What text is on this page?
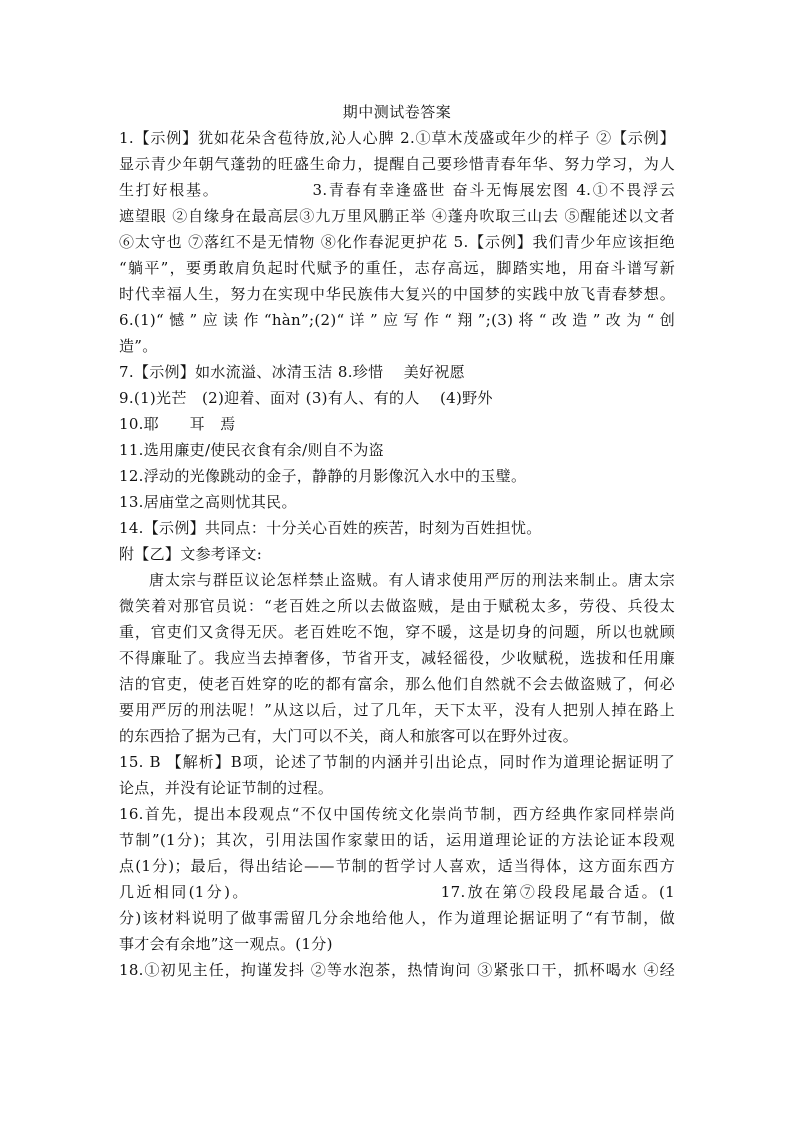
期中测试卷答案
1.【示例】犹如花朵含苞待放,沁人心脾 2.①草木茂盛或年少的样子 ②【示例】
显示青少年朝气蓬勃的旺盛生命力，提醒自己要珍惜青春年华、努力学习，为人
生打好根基。　　　　　　3.青春有幸逢盛世 奋斗无悔展宏图 4.①不畏浮云
遮望眼 ②自缘身在最高层③九万里风鹏正举 ④蓬舟吹取三山去 ⑤醒能述以文者
⑥太守也 ⑦落红不是无情物 ⑧化作春泥更护花 5.【示例】我们青少年应该拒绝
“躺平”，要勇敢肩负起时代赋予的重任，志存高远，脚踏实地，用奋斗谱写新
时代幸福人生，努力在实现中华民族伟大复兴的中国梦的实践中放飞青春梦想。
6.(1)“憾”应读作“hàn”;(2)“详”应写作“翔”;(3)将“改造”改为“创
造”。
7.【示例】如水流溢、冰清玉洁 8.珍惜　 美好祝愿
9.(1)光芒　(2)迎着、面对 (3)有人、有的人　 (4)野外
10.耶　　耳　焉
11.选用廉吏/使民衣食有余/则自不为盗
12.浮动的光像跳动的金子，静静的月影像沉入水中的玉璧。
13.居庙堂之高则忧其民。
14.【示例】共同点：十分关心百姓的疾苦，时刻为百姓担忧。
附【乙】文参考译文:
唐太宗与群臣议论怎样禁止盗贼。有人请求使用严厉的刑法来制止。唐太宗
微笑着对那官员说：“老百姓之所以去做盗贼，是由于赋税太多，劳役、兵役太
重，官吏们又贪得无厌。老百姓吃不饱，穿不暖，这是切身的问题，所以也就顾
不得廉耻了。我应当去掉奢侈，节省开支，减轻徭役，少收赋税，选拔和任用廉
洁的官吏，使老百姓穿的吃的都有富余，那么他们自然就不会去做盗贼了，何必
要用严厉的刑法呢！”从这以后，过了几年，天下太平，没有人把别人掉在路上
的东西拾了据为己有，大门可以不关，商人和旅客可以在野外过夜。
15. B 【解析】B项，论述了节制的内涵并引出论点，同时作为道理论据证明了
论点，并没有论证节制的过程。
16.首先，提出本段观点“不仅中国传统文化崇尚节制，西方经典作家同样崇尚
节制”(1分)；其次，引用法国作家蒙田的话，运用道理论证的方法论证本段观
点(1分)；最后，得出结论——节制的哲学讨人喜欢，适当得体，这方面东西方
几近相同(1分)。　　　　　　　　　　　 17.放在第⑦段段尾最合适。(1
分)该材料说明了做事需留几分余地给他人，作为道理论据证明了“有节制，做
事才会有余地”这一观点。(1分)
18.①初见主任，拘谨发抖 ②等水泡茶，热情询问 ③紧张口干，抓杯喝水 ④经
